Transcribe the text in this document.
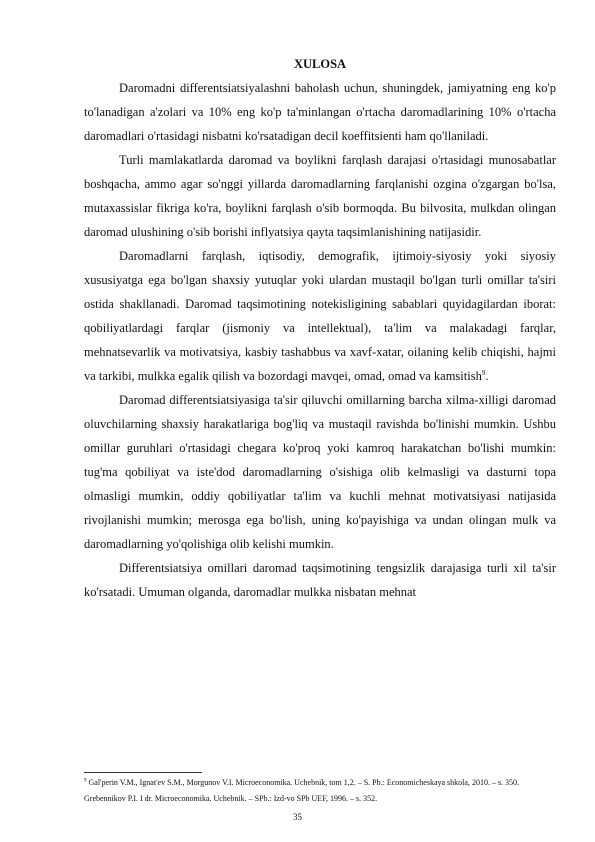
XULOSA

Daromadni differentsiatsiyalashni baholash uchun, shuningdek, jamiyatning eng ko'p to'lanadigan a'zolari va 10% eng ko'p ta'minlangan o'rtacha daromadlarining 10% o'rtacha daromadlari o'rtasidagi nisbatni ko'rsatadigan decil koeffitsienti ham qo'llaniladi.

Turli mamlakatlarda daromad va boylikni farqlash darajasi o'rtasidagi munosabatlar boshqacha, ammo agar so'nggi yillarda daromadlarning farqlanishi ozgina o'zgargan bo'lsa, mutaxassislar fikriga ko'ra, boylikni farqlash o'sib bormoqda. Bu bilvosita, mulkdan olingan daromad ulushining o'sib borishi inflyatsiya qayta taqsimlanishining natijasidir.

Daromadlarni farqlash, iqtisodiy, demografik, ijtimoiy-siyosiy yoki siyosiy xususiyatga ega bo'lgan shaxsiy yutuqlar yoki ulardan mustaqil bo'lgan turli omillar ta'siri ostida shakllanadi. Daromad taqsimotining notekisligining sabablari quyidagilardan iborat: qobiliyatlardagi farqlar (jismoniy va intellektual), ta'lim va malakadagi farqlar, mehnatsevarlik va motivatsiya, kasbiy tashabbus va xavf-xatar, oilaning kelib chiqishi, hajmi va tarkibi, mulkka egalik qilish va bozordagi mavqei, omad, omad va kamsitish$^9$.

Daromad differentsiatsiyasiga ta'sir qiluvchi omillarning barcha xilma-xilligi daromad oluvchilarning shaxsiy harakatlariga bog'liq va mustaqil ravishda bo'linishi mumkin. Ushbu omillar guruhlari o'rtasidagi chegara ko'proq yoki kamroq harakatchan bo'lishi mumkin: tug'ma qobiliyat va iste'dod daromadlarning o'sishiga olib kelmasligi va dasturni topa olmasligi mumkin, oddiy qobiliyatlar ta'lim va kuchli mehnat motivatsiyasi natijasida rivojlanishi mumkin; merosga ega bo'lish, uning ko'payishiga va undan olingan mulk va daromadlarning yo'qolishiga olib kelishi mumkin.

Differentsiatsiya omillari daromad taqsimotining tengsizlik darajasiga turli xil ta'sir ko'rsatadi. Umuman olganda, daromadlar mulkka nisbatan mehnat

$^9$ Gal'perin V.M., Ignat'ev S.M., Morgunov V.I. Microeconomika. Uchebnik, tom 1,2. – S. Pb.: Economicheskaya shkola, 2010. – s. 350.

Grebennikov P.I. I dr. Microeconomika. Uchebnik. – SPb.: Izd-vo SPb UEF, 1996. – s. 352.

35
